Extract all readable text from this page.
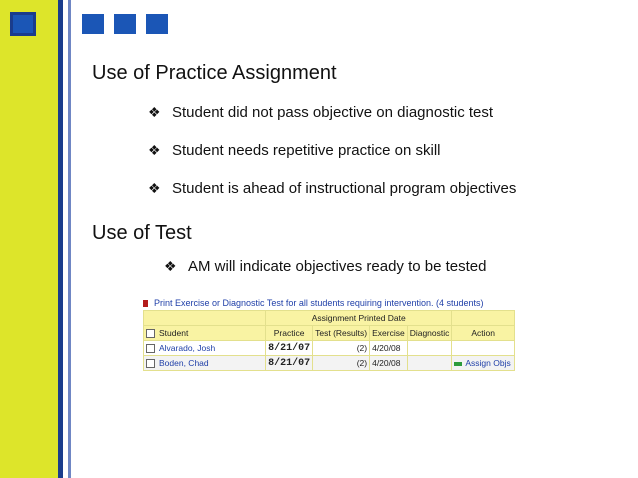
Use of Practice Assignment
❖ Student did not pass objective on diagnostic test
❖ Student needs repetitive practice on skill
❖ Student is ahead of instructional program objectives
Use of Test
❖ AM will indicate objectives ready to be tested
Print Exercise or Diagnostic Test for all students requiring intervention. (4 students)
	Assignment Printed Date				
Student	Practice	Test (Results)	Exercise	Diagnostic	Action
Alvarado, Josh	8/21/07	(2)	4/20/08		
Boden, Chad	8/21/07	(2)	4/20/08		Assign Objs
